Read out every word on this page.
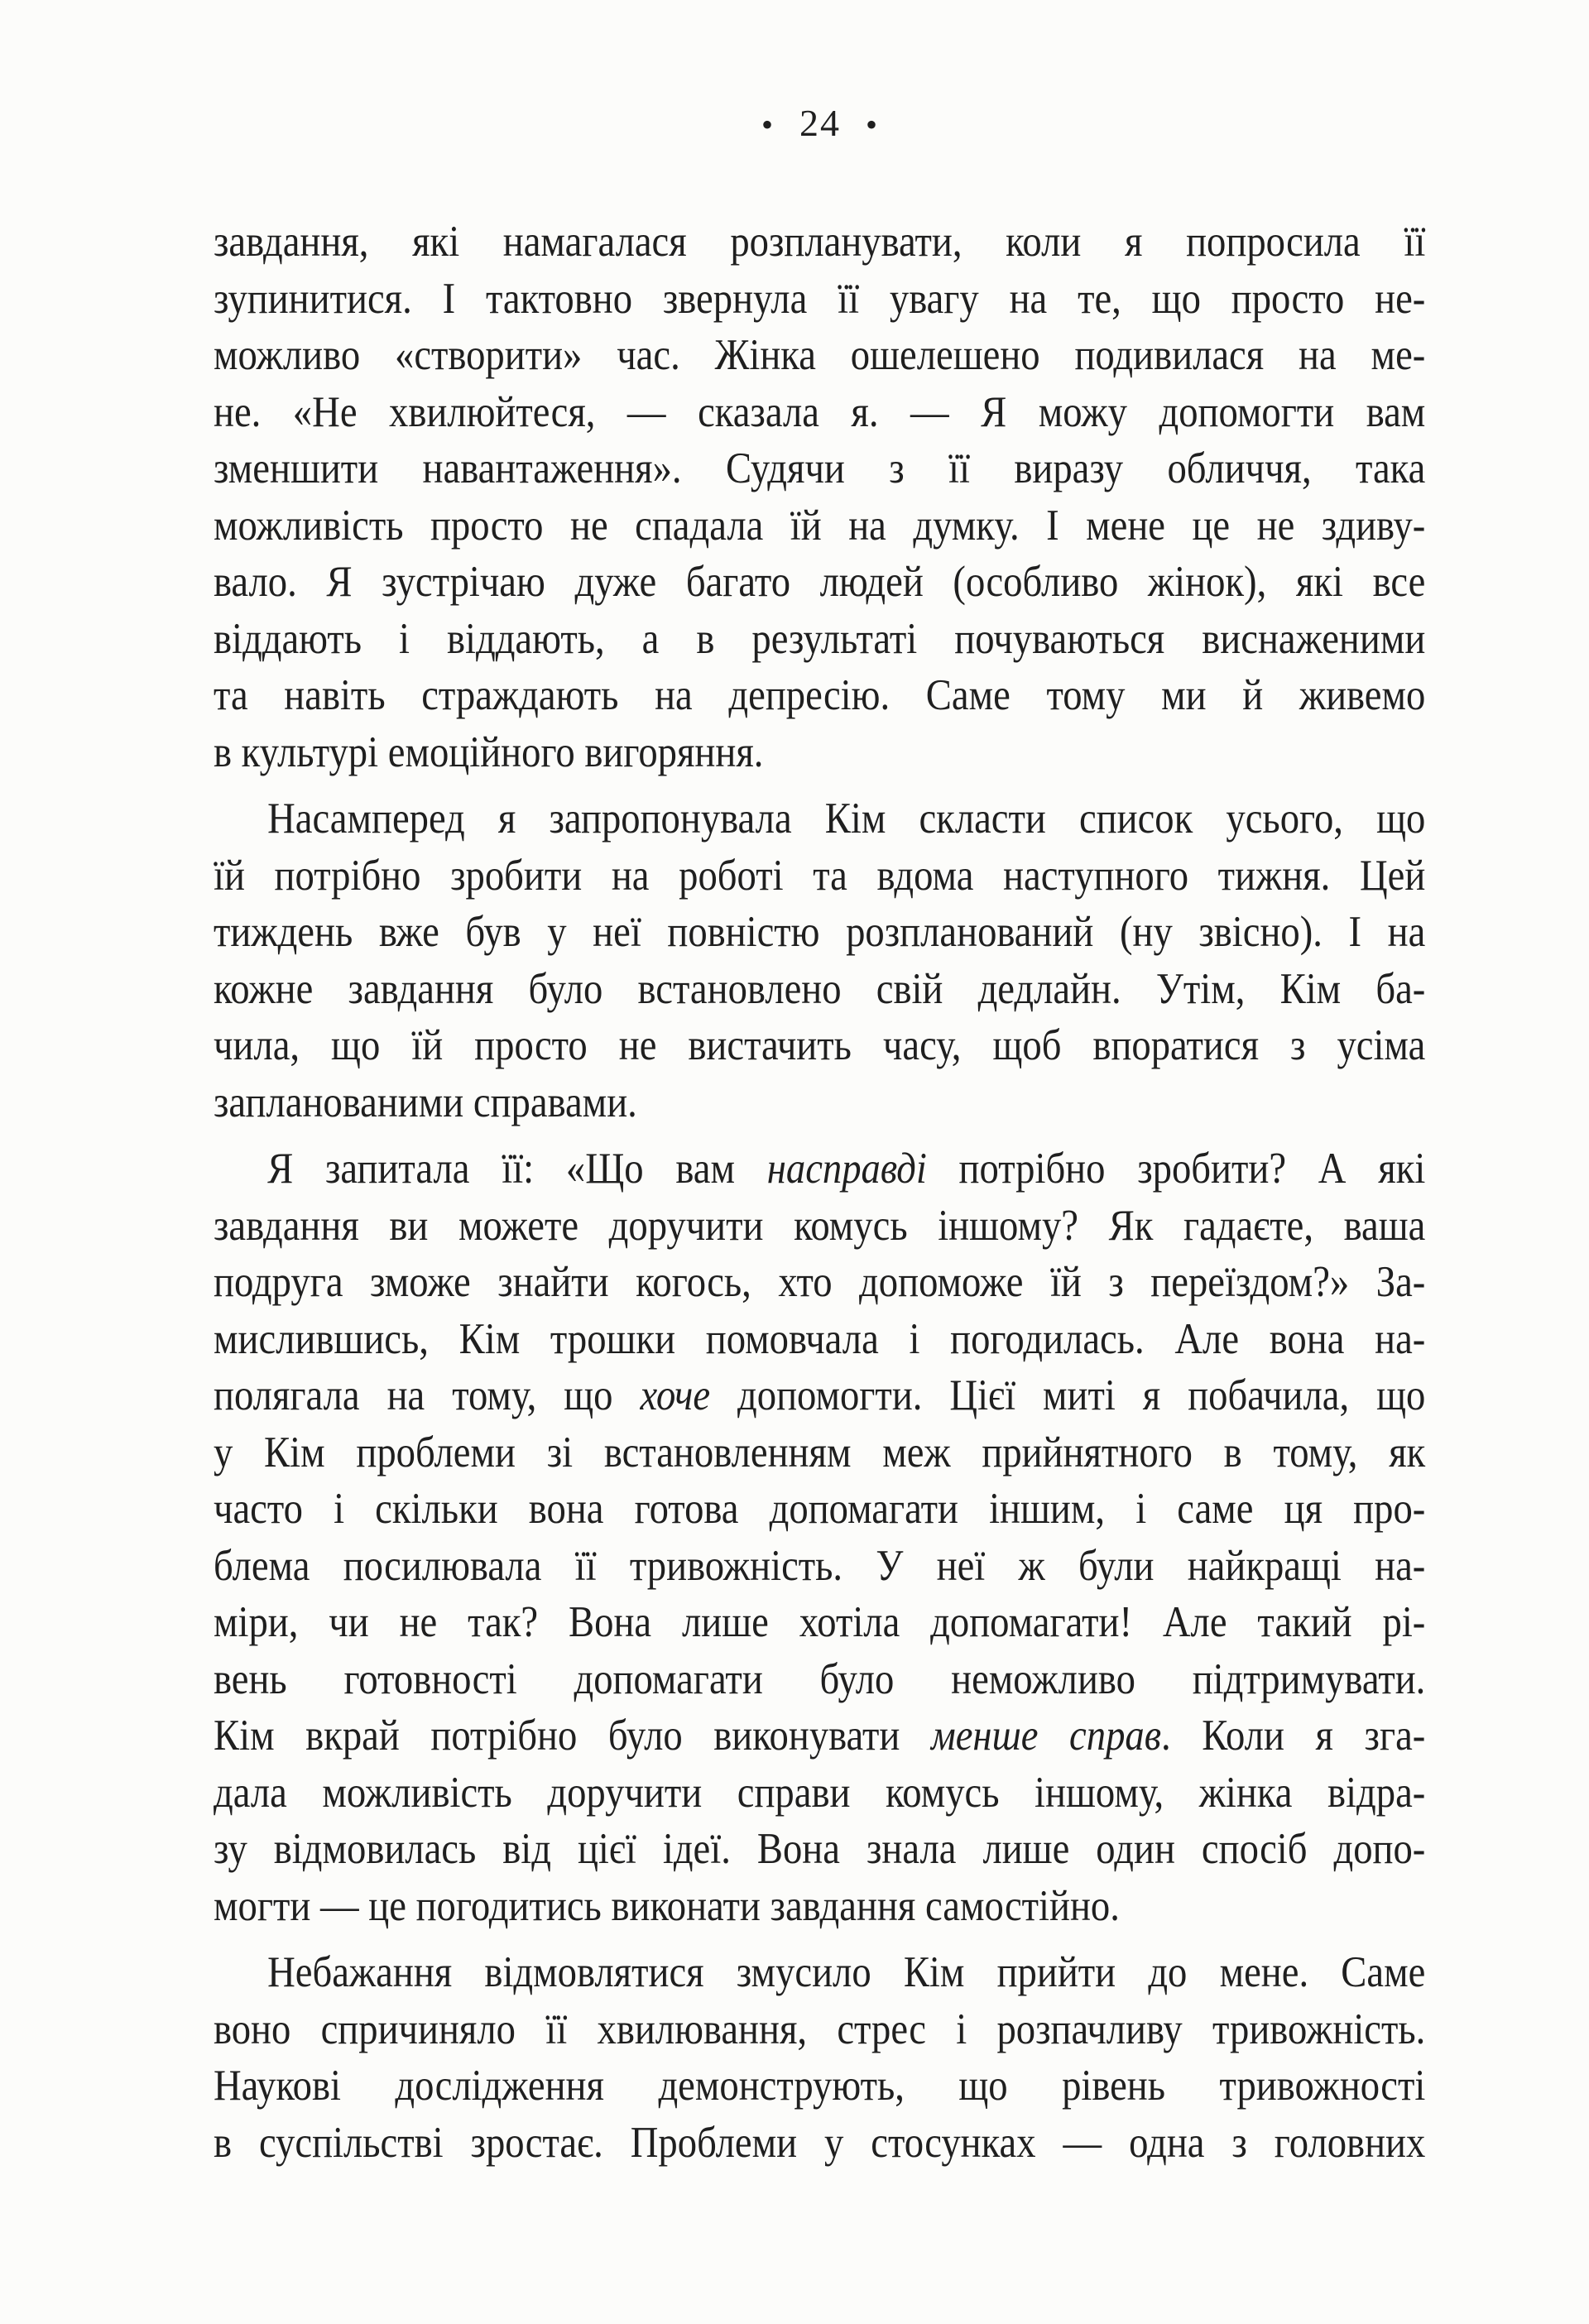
• 24 •
завдання, які намагалася розпланувати, коли я попросила її
зупинитися. І тактовно звернула її увагу на те, що просто не-
можливо «створити» час. Жінка ошелешено подивилася на ме-
не. «Не хвилюйтеся, — сказала я. — Я можу допомогти вам
зменшити навантаження». Судячи з її виразу обличчя, така
можливість просто не спадала їй на думку. І мене це не здиву-
вало. Я зустрічаю дуже багато людей (особливо жінок), які все
віддають і віддають, а в результаті почуваються виснаженими
та навіть страждають на депресію. Саме тому ми й живемо
в культурі емоційного вигоряння.
Насамперед я запропонувала Кім скласти список усього, що
їй потрібно зробити на роботі та вдома наступного тижня. Цей
тиждень вже був у неї повністю розпланований (ну звісно). І на
кожне завдання було встановлено свій дедлайн. Утім, Кім ба-
чила, що їй просто не вистачить часу, щоб впоратися з усіма
запланованими справами.
Я запитала її: «Що вам насправді потрібно зробити? А які
завдання ви можете доручити комусь іншому? Як гадаєте, ваша
подруга зможе знайти когось, хто допоможе їй з переїздом?» За-
мислившись, Кім трошки помовчала і погодилась. Але вона на-
полягала на тому, що хоче допомогти. Цієї миті я побачила, що
у Кім проблеми зі встановленням меж прийнятного в тому, як
часто і скільки вона готова допомагати іншим, і саме ця про-
блема посилювала її тривожність. У неї ж були найкращі на-
міри, чи не так? Вона лише хотіла допомагати! Але такий рі-
вень готовності допомагати було неможливо підтримувати.
Кім вкрай потрібно було виконувати менше справ. Коли я зга-
дала можливість доручити справи комусь іншому, жінка відра-
зу відмовилась від цієї ідеї. Вона знала лише один спосіб допо-
могти — це погодитись виконати завдання самостійно.
Небажання відмовлятися змусило Кім прийти до мене. Саме
воно спричиняло її хвилювання, стрес і розпачливу тривожність.
Наукові дослідження демонструють, що рівень тривожності
в суспільстві зростає. Проблеми у стосунках — одна з головних
